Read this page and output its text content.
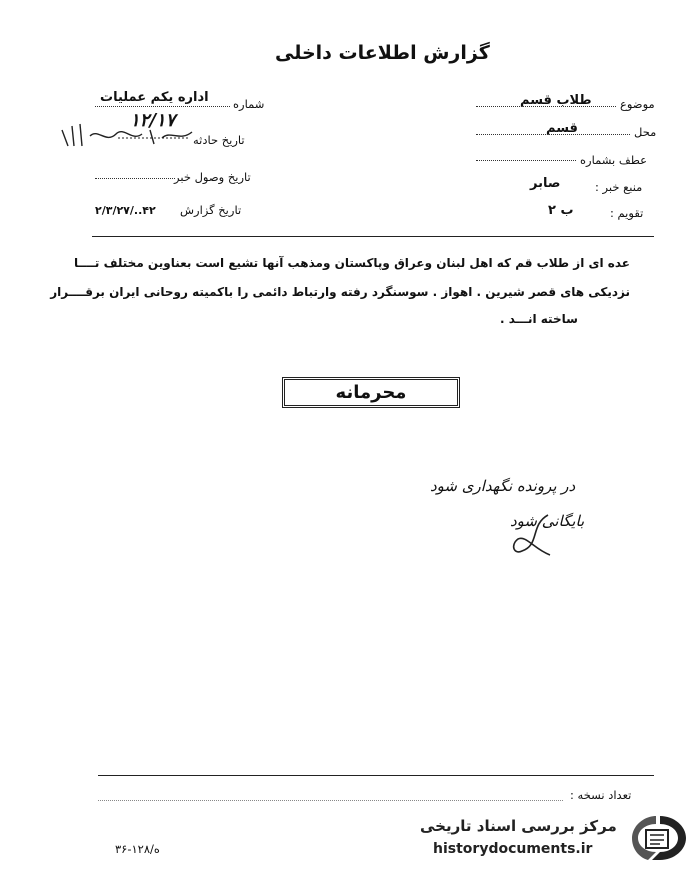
گزارش اطلاعات داخلی
شماره
اداره یکم عملیات
تاریخ حادثه
۱۲/۱۷
تاریخ وصول خبر
تاریخ گزارش
۲/۳/۲۷/..۴۲
موضوع
طلاب قسم
محل
قسم
عطف بشماره
منبع خبر :
صابر
تقویم :
ب ۲
عده ای از طلاب قم که اهل لبنان وعراق وپاکستان ومذهب آنها تشیع است بعناوین مختلف تــــا
نزدیکی های قصر شیرین . اهواز . سوسنگرد رفته وارتباط دائمی را باکمیته روحانی ایران برقــــرار
ساخته انـــد .
محرمانه
در پرونده نگهداری شود
بایگانی شود
تعداد نسخه :
۳۶-۱۲۸/ه
مرکز بررسی اسناد تاریخی
historydocuments.ir
